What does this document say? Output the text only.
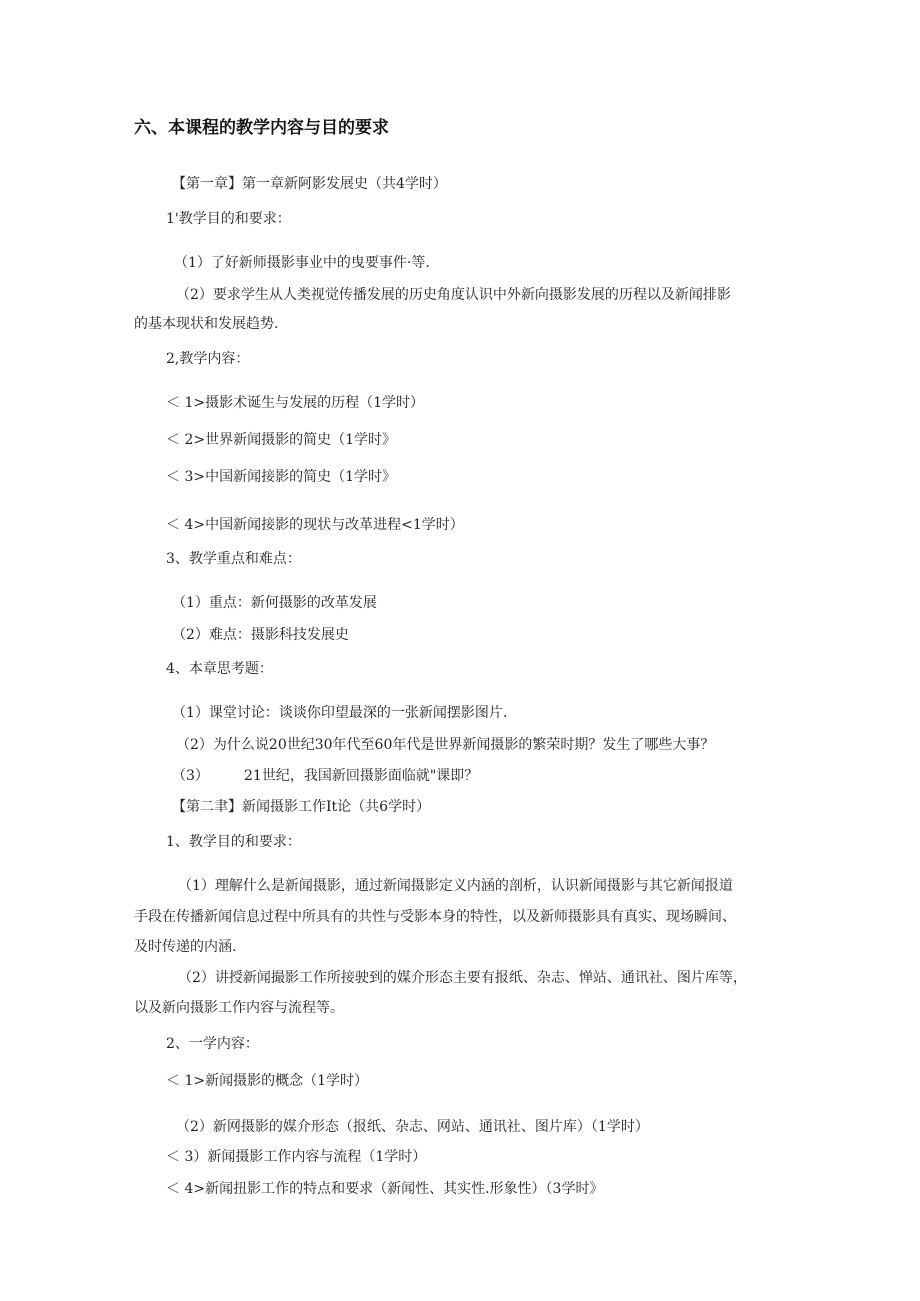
六、本课程的教学内容与目的要求
【第一章】第一章新阿影发展史（共4学时）
1'教学目的和要求：
（1）了好新师摄影事业中的曳要事件·等.
（2）要求学生从人类视觉传播发展的历史角度认识中外新向摄影发展的历程以及新闻排影
的基本现状和发展趋势.
2,教学内容：
＜ 1>摄影术诞生与发展的历程（1学时）
＜ 2>世界新闻摄影的简史（1学时》
＜ 3>中国新闻接影的简史（1学时》
＜ 4>中国新闻接影的现状与改革进程<1学时）
3、教学重点和难点：
（1）重点：新何摄影的改革发展
（2）难点：摄影科技发展史
4、本章思考题：
（1）课堂讨论：谈谈你印望最深的一张新闻摆影图片.
（2）为什么说20世纪30年代至60年代是世界新闻摄影的繁荣时期？发生了哪些大事？
（3）	21世纪，我国新回摄影面临就"课即？
【第二聿】新闻摄影工作It论（共6学时）
1、教学目的和要求：
（1）理解什么是新闻摄影，通过新闻摄影定义内涵的剖析，认识新闻摄影与其它新闻报道
手段在传播新闻信息过程中所具有的共性与受影本身的特性，以及新师摄影具有真实、现场瞬间、
及时传递的内涵.
（2）讲授新闻撮影工作所接驶到的媒介形态主要有报纸、杂志、惮站、通讯社、图片库等，
以及新向摄影工作内容与流程等。
2、一学内容：
＜ 1>新闻摄影的概念（1学时）
（2）新网摄影的媒介形态（报纸、杂志、网站、通讯社、图片库）（1学时）
＜ 3）新闻摄影工作内容与流程（1学时）
＜ 4>新闻扭影工作的特点和要求（新闻性、其实性.形象性）（3学时》
